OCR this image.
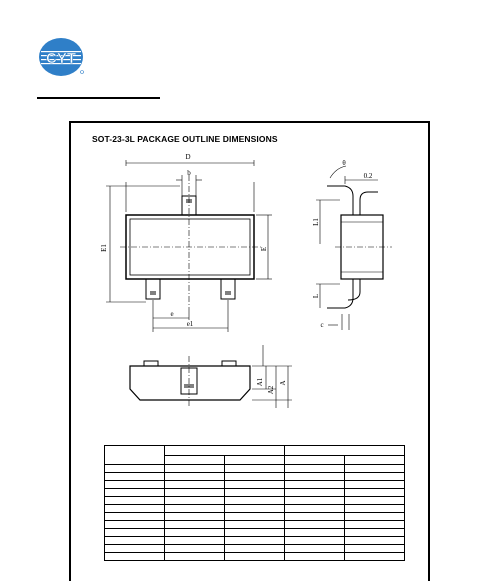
CYT
SOT-23-3L PACKAGE OUTLINE DIMENSIONS
D
b
E1	E
e
e1
θ
0.2
L1
L
c
A1
A2
A
